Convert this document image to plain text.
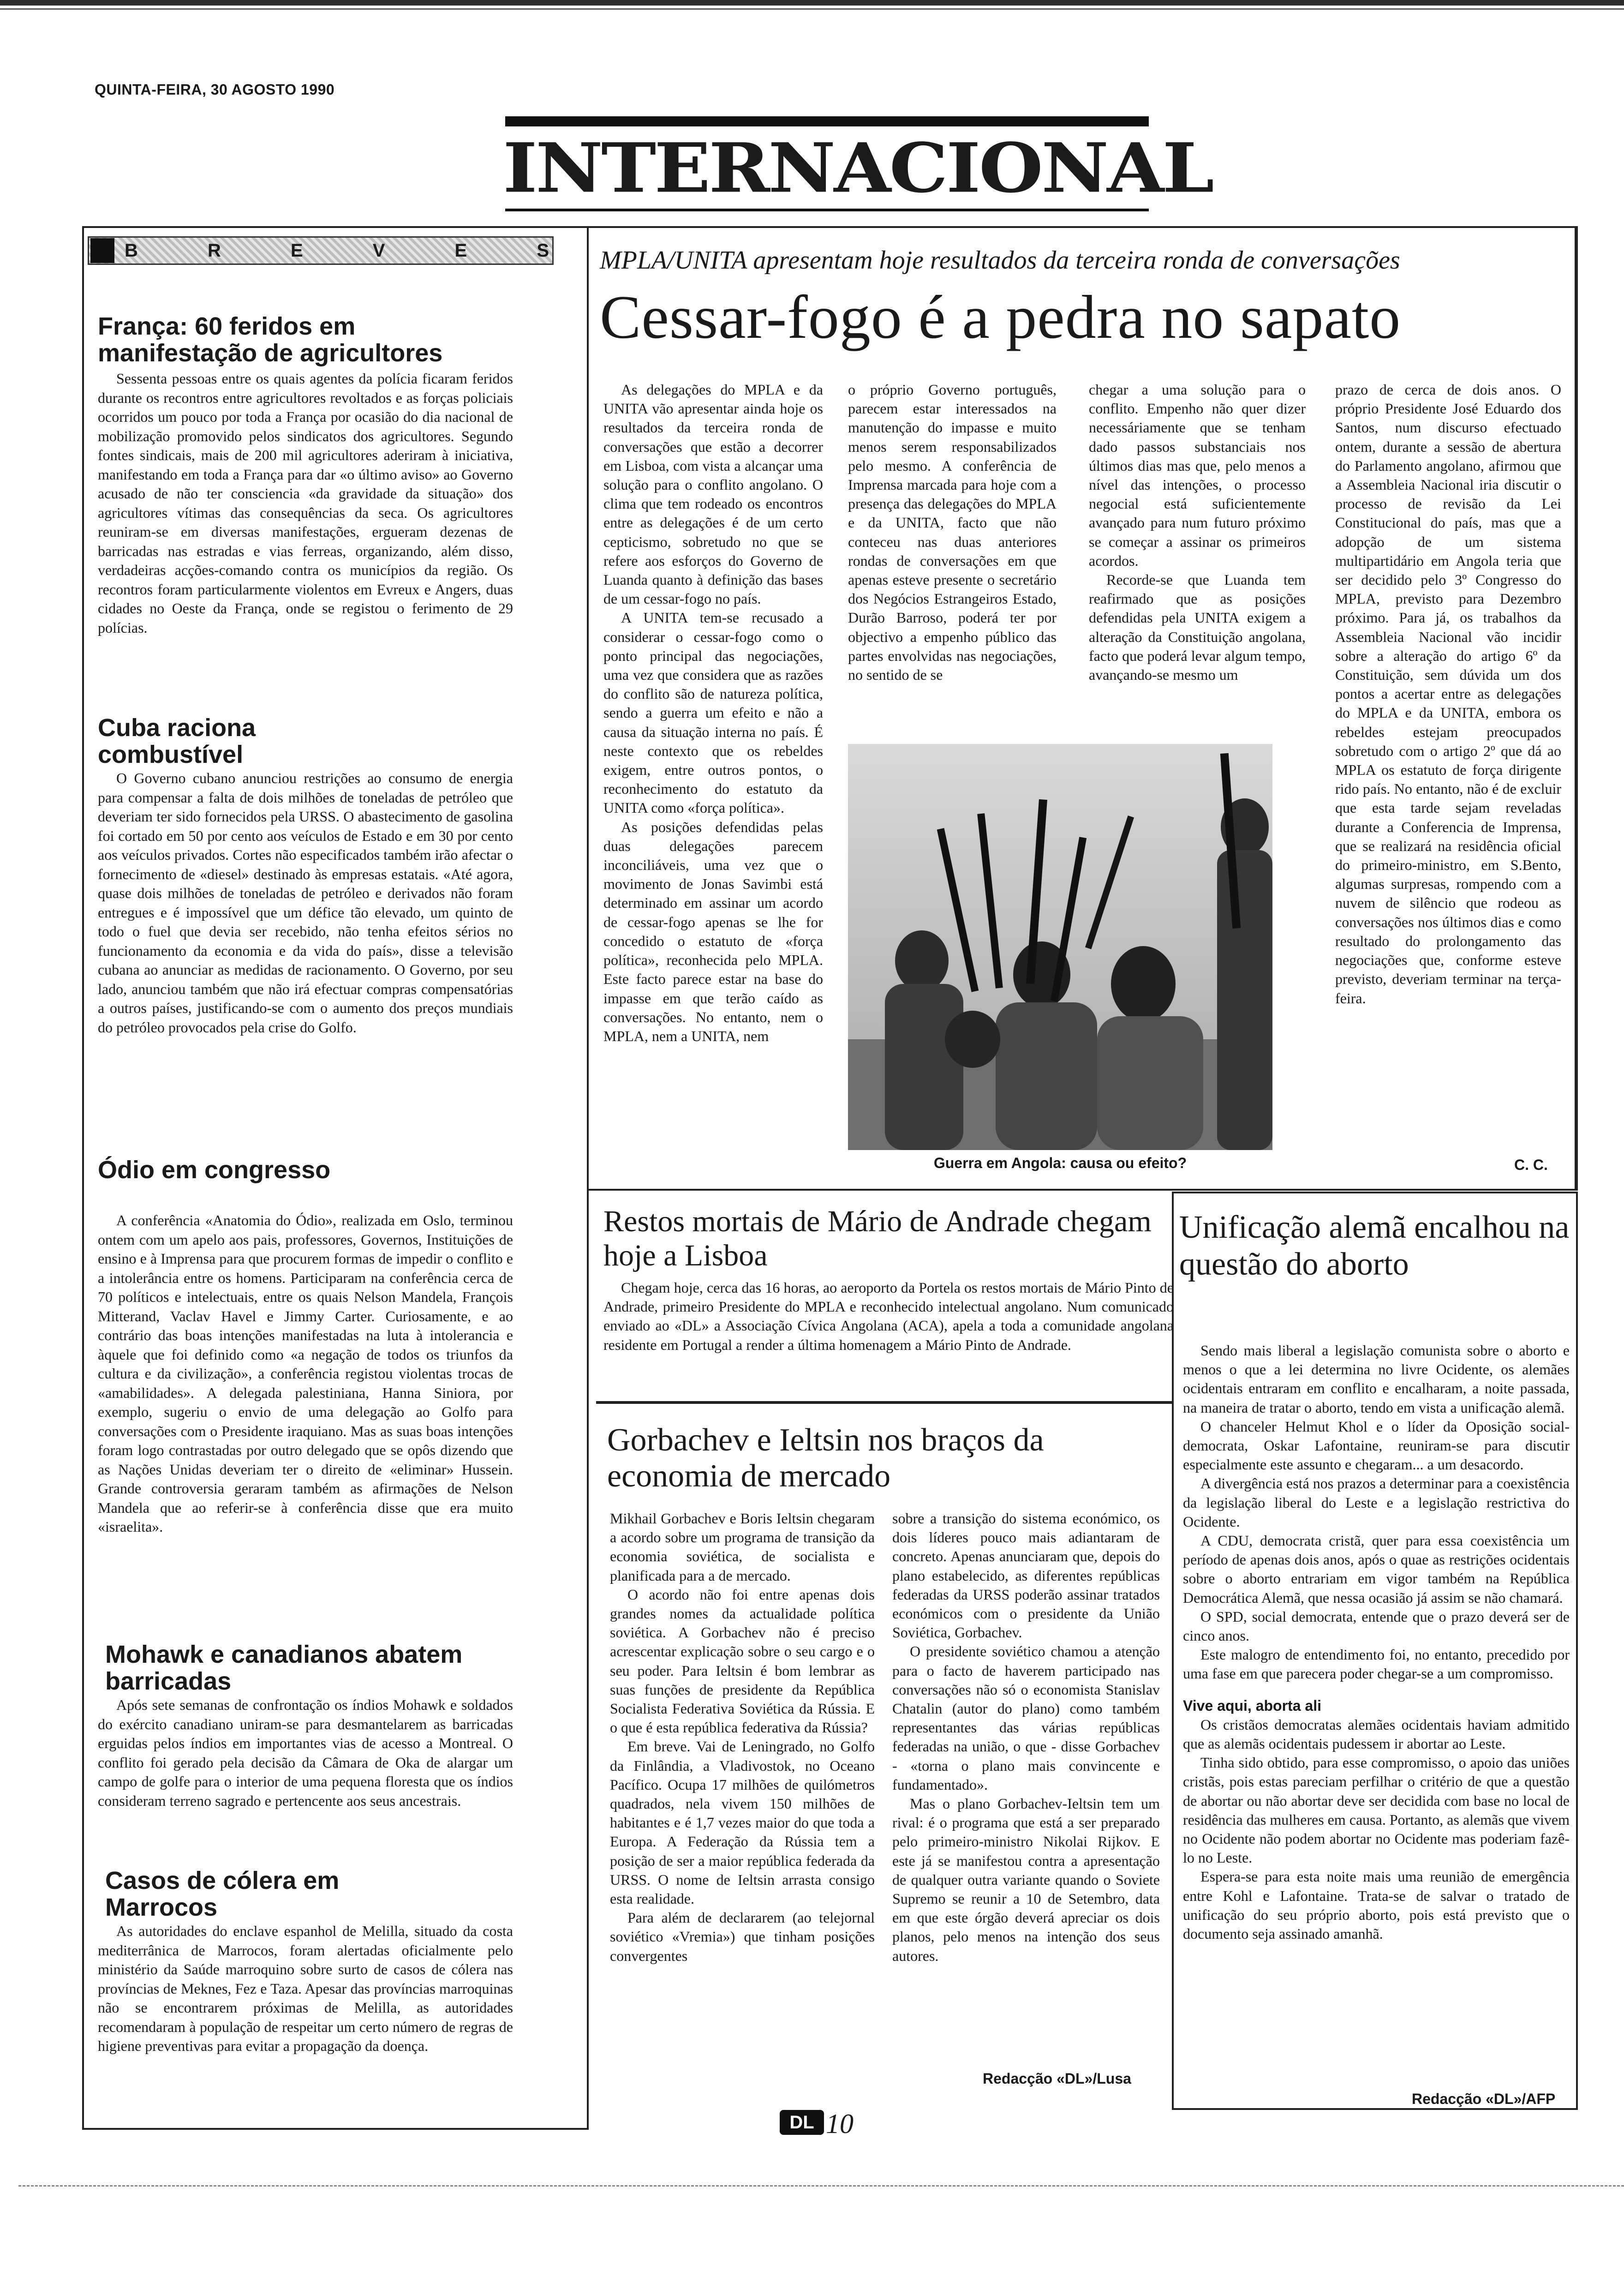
QUINTA-FEIRA, 30 AGOSTO 1990
INTERNACIONAL
B	R	E	V	E	S
França: 60 feridos em manifestação de agricultores
Sessenta pessoas entre os quais agentes da polícia ficaram feridos durante os recontros entre agricultores revoltados e as forças policiais ocorridos um pouco por toda a França por ocasião do dia nacional de mobilização promovido pelos sindicatos dos agricultores. Segundo fontes sindicais, mais de 200 mil agricultores aderiram à iniciativa, manifestando em toda a França para dar «o último aviso» ao Governo acusado de não ter consciencia «da gravidade da situação» dos agricultores vítimas das consequências da seca. Os agricultores reuniram-se em diversas manifestações, ergueram dezenas de barricadas nas estradas e vias ferreas, organizando, além disso, verdadeiras acções-comando contra os municípios da região. Os recontros foram particularmente violentos em Evreux e Angers, duas cidades no Oeste da França, onde se registou o ferimento de 29 polícias.
Cuba raciona combustível
O Governo cubano anunciou restrições ao consumo de energia para compensar a falta de dois milhões de toneladas de petróleo que deveriam ter sido fornecidos pela URSS. O abastecimento de gasolina foi cortado em 50 por cento aos veículos de Estado e em 30 por cento aos veículos privados. Cortes não especificados também irão afectar o fornecimento de «diesel» destinado às empresas estatais. «Até agora, quase dois milhões de toneladas de petróleo e derivados não foram entregues e é impossível que um défice tão elevado, um quinto de todo o fuel que devia ser recebido, não tenha efeitos sérios no funcionamento da economia e da vida do país», disse a televisão cubana ao anunciar as medidas de racionamento. O Governo, por seu lado, anunciou também que não irá efectuar compras compensatórias a outros países, justificando-se com o aumento dos preços mundiais do petróleo provocados pela crise do Golfo.
Ódio em congresso
A conferência «Anatomia do Ódio», realizada em Oslo, terminou ontem com um apelo aos pais, professores, Governos, Instituições de ensino e à Imprensa para que procurem formas de impedir o conflito e a intolerância entre os homens. Participaram na conferência cerca de 70 políticos e intelectuais, entre os quais Nelson Mandela, François Mitterand, Vaclav Havel e Jimmy Carter. Curiosamente, e ao contrário das boas intenções manifestadas na luta à intolerancia e àquele que foi definido como «a negação de todos os triunfos da cultura e da civilização», a conferência registou violentas trocas de «amabilidades». A delegada palestiniana, Hanna Siniora, por exemplo, sugeriu o envio de uma delegação ao Golfo para conversações com o Presidente iraquiano. Mas as suas boas intenções foram logo contrastadas por outro delegado que se opôs dizendo que as Nações Unidas deveriam ter o direito de «eliminar» Hussein. Grande controversia geraram também as afirmações de Nelson Mandela que ao referir-se à conferência disse que era muito «israelita».
Mohawk e canadianos abatem barricadas
Após sete semanas de confrontação os índios Mohawk e soldados do exército canadiano uniram-se para desmantelarem as barricadas erguidas pelos índios em importantes vias de acesso a Montreal. O conflito foi gerado pela decisão da Câmara de Oka de alargar um campo de golfe para o interior de uma pequena floresta que os índios consideram terreno sagrado e pertencente aos seus ancestrais.
Casos de cólera em Marrocos
As autoridades do enclave espanhol de Melilla, situado da costa mediterrânica de Marrocos, foram alertadas oficialmente pelo ministério da Saúde marroquino sobre surto de casos de cólera nas províncias de Meknes, Fez e Taza. Apesar das províncias marroquinas não se encontrarem próximas de Melilla, as autoridades recomendaram à população de respeitar um certo número de regras de higiene preventivas para evitar a propagação da doença.
MPLA/UNITA apresentam hoje resultados da terceira ronda de conversações
Cessar-fogo é a pedra no sapato

As delegações do MPLA e da UNITA vão apresentar ainda hoje os resultados da terceira ronda de conversações que estão a decorrer em Lisboa, com vista a alcançar uma solução para o conflito angolano. O clima que tem rodeado os encontros entre as delegações é de um certo cepticismo, sobretudo no que se refere aos esforços do Governo de Luanda quanto à definição das bases de um cessar-fogo no país.

A UNITA tem-se recusado a considerar o cessar-fogo como o ponto principal das negociações, uma vez que considera que as razões do conflito são de natureza política, sendo a guerra um efeito e não a causa da situação interna no país. É neste contexto que os rebeldes exigem, entre outros pontos, o reconhecimento do estatuto da UNITA como «força política».

As posições defendidas pelas duas delegações parecem inconciliáveis, uma vez que o movimento de Jonas Savimbi está determinado em assinar um acordo de cessar-fogo apenas se lhe for concedido o estatuto de «força política», reconhecida pelo MPLA. Este facto parece estar na base do impasse em que terão caído as conversações. No entanto, nem o MPLA, nem a UNITA, nem

o próprio Governo português, parecem estar interessados na manutenção do impasse e muito menos serem responsabilizados pelo mesmo. A conferência de Imprensa marcada para hoje com a presença das delegações do MPLA e da UNITA, facto que não conteceu nas duas anteriores rondas de conversações em que apenas esteve presente o secretário dos Negócios Estrangeiros Estado, Durão Barroso, poderá ter por objectivo a empenho público das partes envolvidas nas negociações, no sentido de se

chegar a uma solução para o conflito. Empenho não quer dizer necessáriamente que se tenham dado passos substanciais nos últimos dias mas que, pelo menos a nível das intenções, o processo negocial está suficientemente avançado para num futuro próximo se começar a assinar os primeiros acordos.

Recorde-se que Luanda tem reafirmado que as posições defendidas pela UNITA exigem a alteração da Constituição angolana, facto que poderá levar algum tempo, avançando-se mesmo um

prazo de cerca de dois anos. O próprio Presidente José Eduardo dos Santos, num discurso efectuado ontem, durante a sessão de abertura do Parlamento angolano, afirmou que a Assembleia Nacional iria discutir o processo de revisão da Lei Constitucional do país, mas que a adopção de um sistema multipartidário em Angola teria que ser decidido pelo 3º Congresso do MPLA, previsto para Dezembro próximo. Para já, os trabalhos da Assembleia Nacional vão incidir sobre a alteração do artigo 6º da Constituição, sem dúvida um dos pontos a acertar entre as delegações do MPLA e da UNITA, embora os rebeldes estejam preocupados sobretudo com o artigo 2º que dá ao MPLA os estatuto de força dirigente rido país. No entanto, não é de excluir que esta tarde sejam reveladas durante a Conferencia de Imprensa, que se realizará na residência oficial do primeiro-ministro, em S.Bento, algumas surpresas, rompendo com a nuvem de silêncio que rodeou as conversações nos últimos dias e como resultado do prolongamento das negociações que, conforme esteve previsto, deveriam terminar na terça-feira.

Guerra em Angola: causa ou efeito?	C. C.
Restos mortais de Mário de Andrade chegam hoje a Lisboa

Chegam hoje, cerca das 16 horas, ao aeroporto da Portela os restos mortais de Mário Pinto de Andrade, primeiro Presidente do MPLA e reconhecido intelectual angolano. Num comunicado enviado ao «DL» a Associação Cívica Angolana (ACA), apela a toda a comunidade angolana residente em Portugal a render a última homenagem a Mário Pinto de Andrade.

Gorbachev e Ieltsin nos braços da economia de mercado

Mikhail Gorbachev e Boris Ieltsin chegaram a acordo sobre um programa de transição da economia soviética, de socialista e planificada para a de mercado.

O acordo não foi entre apenas dois grandes nomes da actualidade política soviética. A Gorbachev não é preciso acrescentar explicação sobre o seu cargo e o seu poder. Para Ieltsin é bom lembrar as suas funções de presidente da República Socialista Federativa Soviética da Rússia. E o que é esta república federativa da Rússia?

Em breve. Vai de Leningrado, no Golfo da Finlândia, a Vladivostok, no Oceano Pacífico. Ocupa 17 milhões de quilómetros quadrados, nela vivem 150 milhões de habitantes e é 1,7 vezes maior do que toda a Europa. A Federação da Rússia tem a posição de ser a maior república federada da URSS. O nome de Ieltsin arrasta consigo esta realidade.

Para além de declararem (ao telejornal soviético «Vremia») que tinham posições convergentes

sobre a transição do sistema económico, os dois líderes pouco mais adiantaram de concreto. Apenas anunciaram que, depois do plano estabelecido, as diferentes repúblicas federadas da URSS poderão assinar tratados económicos com o presidente da União Soviética, Gorbachev.

O presidente soviético chamou a atenção para o facto de haverem participado nas conversações não só o economista Stanislav Chatalin (autor do plano) como também representantes das várias repúblicas federadas na união, o que - disse Gorbachev - «torna o plano mais convincente e fundamentado».

Mas o plano Gorbachev-Ieltsin tem um rival: é o programa que está a ser preparado pelo primeiro-ministro Nikolai Rijkov. E este já se manifestou contra a apresentação de qualquer outra variante quando o Soviete Supremo se reunir a 10 de Setembro, data em que este órgão deverá apreciar os dois planos, pelo menos na intenção dos seus autores.

Redacção «DL»/Lusa
Unificação alemã encalhou na questão do aborto

Sendo mais liberal a legislação comunista sobre o aborto e menos o que a lei determina no livre Ocidente, os alemães ocidentais entraram em conflito e encalharam, a noite passada, na maneira de tratar o aborto, tendo em vista a unificação alemã.

O chanceler Helmut Khol e o líder da Oposição social-democrata, Oskar Lafontaine, reuniram-se para discutir especialmente este assunto e chegaram... a um desacordo.

A divergência está nos prazos a determinar para a coexistência da legislação liberal do Leste e a legislação restrictiva do Ocidente.

A CDU, democrata cristã, quer para essa coexistência um período de apenas dois anos, após o quae as restrições ocidentais sobre o aborto entrariam em vigor também na República Democrática Alemã, que nessa ocasião já assim se não chamará.

O SPD, social democrata, entende que o prazo deverá ser de cinco anos.

Este malogro de entendimento foi, no entanto, precedido por uma fase em que parecera poder chegar-se a um compromisso.

Vive aqui, aborta ali

Os cristãos democratas alemães ocidentais haviam admitido que as alemãs ocidentais pudessem ir abortar ao Leste.

Tinha sido obtido, para esse compromisso, o apoio das uniões cristãs, pois estas pareciam perfilhar o critério de que a questão de abortar ou não abortar deve ser decidida com base no local de residência das mulheres em causa. Portanto, as alemãs que vivem no Ocidente não podem abortar no Ocidente mas poderiam fazê-lo no Leste.

Espera-se para esta noite mais uma reunião de emergência entre Kohl e Lafontaine. Trata-se de salvar o tratado de unificação do seu próprio aborto, pois está previsto que o documento seja assinado amanhã.

Redacção «DL»/AFP
DL 10
